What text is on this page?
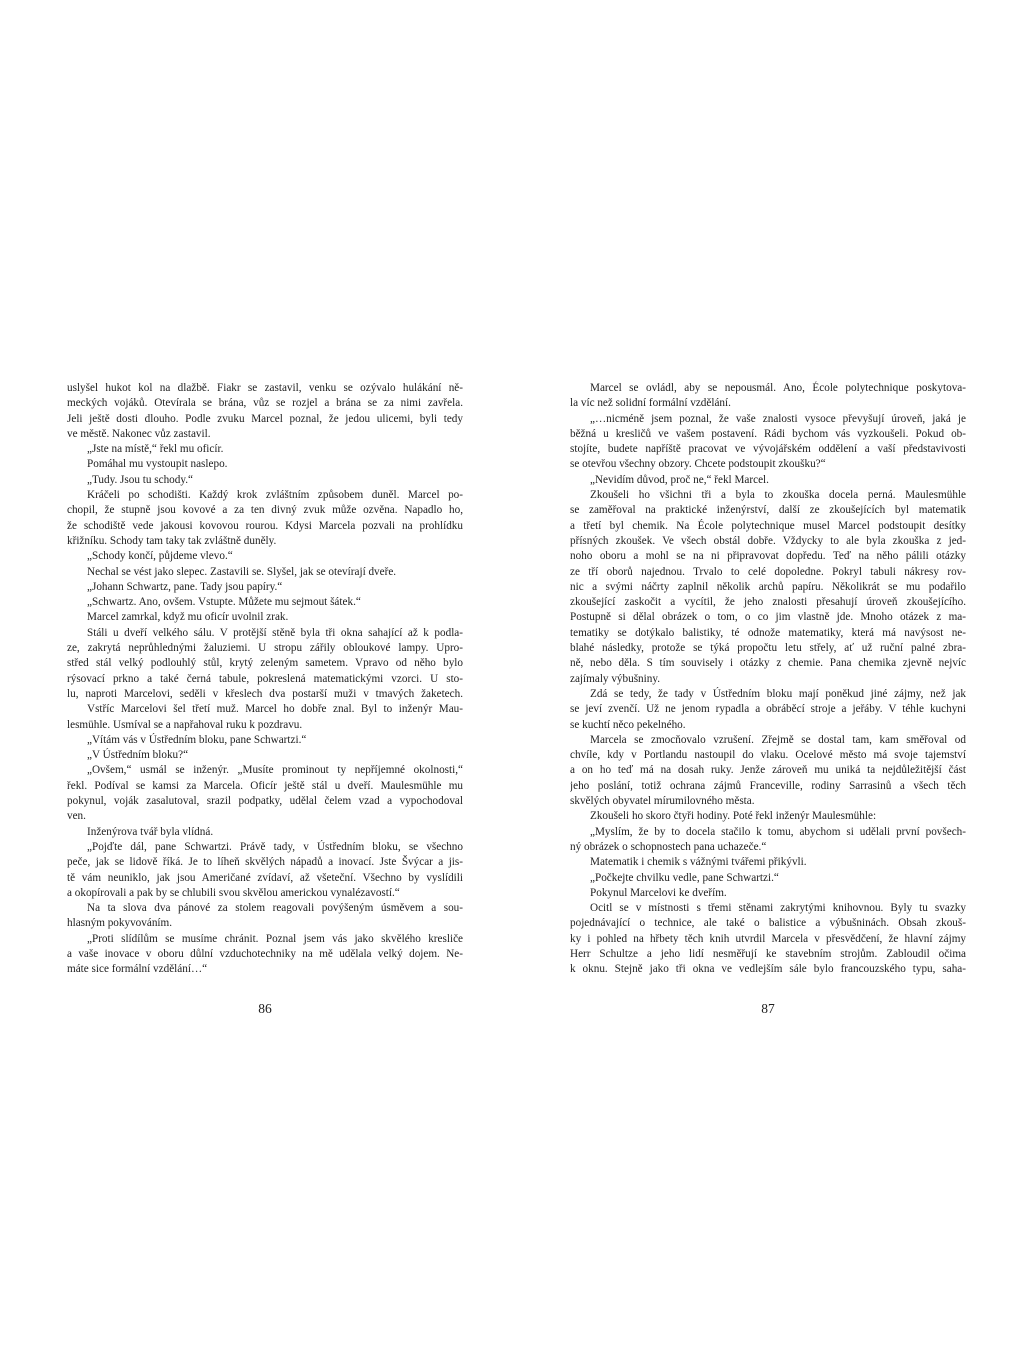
uslyšel hukot kol na dlažbě. Fiakr se zastavil, venku se ozývalo hulákání ně-
meckých vojáků. Otevírala se brána, vůz se rozjel a brána se za nimi zavřela.
Jeli ještě dosti dlouho. Podle zvuku Marcel poznal, že jedou ulicemi, byli tedy
ve městě. Nakonec vůz zastavil.
„Jste na místě,“ řekl mu oficír.
Pomáhal mu vystoupit naslepo.
„Tudy. Jsou tu schody.“
Kráčeli po schodišti. Každý krok zvláštním způsobem duněl. Marcel po-
chopil, že stupně jsou kovové a za ten divný zvuk může ozvěna. Napadlo ho,
že schodiště vede jakousi kovovou rourou. Kdysi Marcela pozvali na prohlídku
křižníku. Schody tam taky tak zvláštně duněly.
„Schody končí, půjdeme vlevo.“
Nechal se vést jako slepec. Zastavili se. Slyšel, jak se otevírají dveře.
„Johann Schwartz, pane. Tady jsou papíry.“
„Schwartz. Ano, ovšem. Vstupte. Můžete mu sejmout šátek.“
Marcel zamrkal, když mu oficír uvolnil zrak.
Stáli u dveří velkého sálu. V protější stěně byla tři okna sahající až k podla-
ze, zakrytá neprůhlednými žaluziemi. U stropu zářily obloukové lampy. Upro-
střed stál velký podlouhlý stůl, krytý zeleným sametem. Vpravo od něho bylo
rýsovací prkno a také černá tabule, pokreslená matematickými vzorci. U sto-
lu, naproti Marcelovi, seděli v křeslech dva postarší muži v tmavých žaketech.
Vstříc Marcelovi šel třetí muž. Marcel ho dobře znal. Byl to inženýr Mau-
lesmühle. Usmíval se a napřahoval ruku k pozdravu.
„Vítám vás v Ústředním bloku, pane Schwartzi.“
„V Ústředním bloku?“
„Ovšem,“ usmál se inženýr. „Musíte prominout ty nepříjemné okolnosti,“
řekl. Podíval se kamsi za Marcela. Oficír ještě stál u dveří. Maulesmühle mu
pokynul, voják zasalutoval, srazil podpatky, udělal čelem vzad a vypochodoval
ven.
Inženýrova tvář byla vlídná.
„Pojďte dál, pane Schwartzi. Právě tady, v Ústředním bloku, se všechno
peče, jak se lidově říká. Je to líheň skvělých nápadů a inovací. Jste Švýcar a jis-
tě vám neuniklo, jak jsou Američané zvídaví, až všeteční. Všechno by vyslídili
a okopírovali a pak by se chlubili svou skvělou americkou vynalézavostí.“
Na ta slova dva pánové za stolem reagovali povýšeným úsměvem a sou-
hlasným pokyvováním.
„Proti slídílům se musíme chránit. Poznal jsem vás jako skvělého kresliče
a vaše inovace v oboru důlní vzduchotechniky na mě udělala velký dojem. Ne-
máte sice formální vzdělání…“
86
Marcel se ovládl, aby se nepousmál. Ano, École polytechnique poskytova-
la víc než solidní formální vzdělání.
„…nicméně jsem poznal, že vaše znalosti vysoce převyšují úroveň, jaká je
běžná u kresličů ve vašem postavení. Rádi bychom vás vyzkoušeli. Pokud ob-
stojíte, budete napříště pracovat ve vývojářském oddělení a vaší představivosti
se otevřou všechny obzory. Chcete podstoupit zkoušku?“
„Nevidím důvod, proč ne,“ řekl Marcel.
Zkoušeli ho všichni tři a byla to zkouška docela perná. Maulesmühle
se zaměřoval na praktické inženýrství, další ze zkoušejících byl matematik
a třetí byl chemik. Na École polytechnique musel Marcel podstoupit desítky
přísných zkoušek. Ve všech obstál dobře. Vždycky to ale byla zkouška z jed-
noho oboru a mohl se na ni připravovat dopředu. Teď na něho pálili otázky
ze tří oborů najednou. Trvalo to celé dopoledne. Pokryl tabuli nákresy rov-
nic a svými náčrty zaplnil několik archů papíru. Několikrát se mu podařilo
zkoušející zaskočit a vycítil, že jeho znalosti přesahují úroveň zkoušejícího.
Postupně si dělal obrázek o tom, o co jim vlastně jde. Mnoho otázek z ma-
tematiky se dotýkalo balistiky, té odnože matematiky, která má navýsost ne-
blahé následky, protože se týká propočtu letu střely, ať už ruční palné zbra-
ně, nebo děla. S tím souvisely i otázky z chemie. Pana chemika zjevně nejvíc
zajímaly výbušniny.
Zdá se tedy, že tady v Ústředním bloku mají poněkud jiné zájmy, než jak
se jeví zvenčí. Už ne jenom rypadla a obráběcí stroje a jeřáby. V téhle kuchyni
se kuchtí něco pekelného.
Marcela se zmocňovalo vzrušení. Zřejmě se dostal tam, kam směřoval od
chvíle, kdy v Portlandu nastoupil do vlaku. Ocelové město má svoje tajemství
a on ho teď má na dosah ruky. Jenže zároveň mu uniká ta nejdůležitější část
jeho poslání, totiž ochrana zájmů Franceville, rodiny Sarrasinů a všech těch
skvělých obyvatel mírumilovného města.
Zkoušeli ho skoro čtyři hodiny. Poté řekl inženýr Maulesmühle:
„Myslím, že by to docela stačilo k tomu, abychom si udělali první povšech-
ný obrázek o schopnostech pana uchazeče.“
Matematik i chemik s vážnými tvářemi přikývli.
„Počkejte chvilku vedle, pane Schwartzi.“
Pokynul Marcelovi ke dveřím.
Ocitl se v místnosti s třemi stěnami zakrytými knihovnou. Byly tu svazky
pojednávající o technice, ale také o balistice a výbušninách. Obsah zkouš-
ky i pohled na hřbety těch knih utvrdil Marcela v přesvědčení, že hlavní zájmy
Herr Schultze a jeho lidí nesměřují ke stavebním strojům. Zabloudil očima
k oknu. Stejně jako tři okna ve vedlejším sále bylo francouzského typu, saha-
87
